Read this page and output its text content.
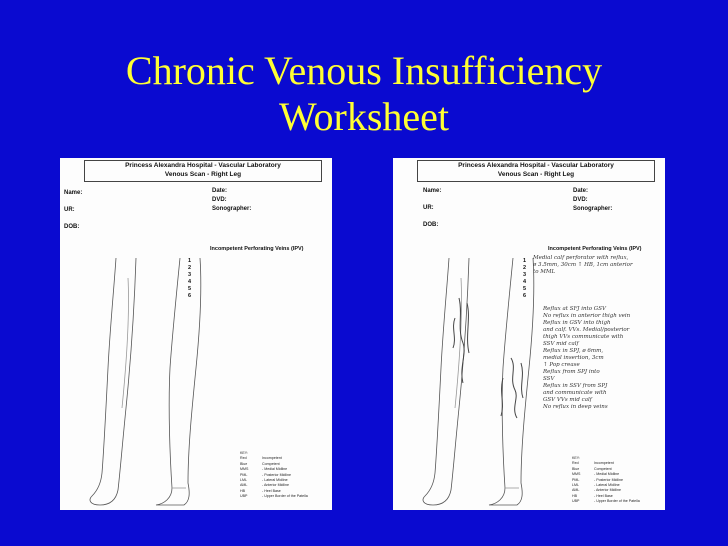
Chronic Venous Insufficiency
Worksheet
Princess Alexandra Hospital - Vascular Laboratory
Venous Scan - Right Leg
Name:
UR:
DOB:
Date:
DVD:
Sonographer:
Incompetent Perforating Veins (IPV)
1
2
3
4
5
6
KEY:
Red	Incompetent
Blue	Competent
MMS	- Medial Midline
PML	- Posterior Midline
LML	- Lateral Midline
AML	- Anterior Midline
HB	- Heel Base
UBP	- Upper Border of the Patella
Princess Alexandra Hospital - Vascular Laboratory
Venous Scan - Right Leg
Name:
UR:
DOB:
Date:
DVD:
Sonographer:
Incompetent Perforating Veins (IPV)
1
2
3
4
5
6
Medial calf perforator with reflux,
ø 3.5mm, 30cm ↑ HB, 1cm anterior
to MML
Reflux at SFJ into GSV
No reflux in anterior thigh vein
Reflux in GSV into thigh
and calf. VVs. Medial/posterior
thigh VVs communicate with
SSV mid calf
Reflux in SPJ, ø 6mm,
medial insertion, 3cm
↑ Pop crease
Reflux from SPJ into
SSV
Reflux in SSV from SPJ
and communicate with
GSV VVs mid calf
No reflux in deep veins
KEY:
Red	Incompetent
Blue	Competent
MMS	- Medial Midline
PML	- Posterior Midline
LML	- Lateral Midline
AML	- Anterior Midline
HB	- Heel Base
UBP	- Upper Border of the Patella
